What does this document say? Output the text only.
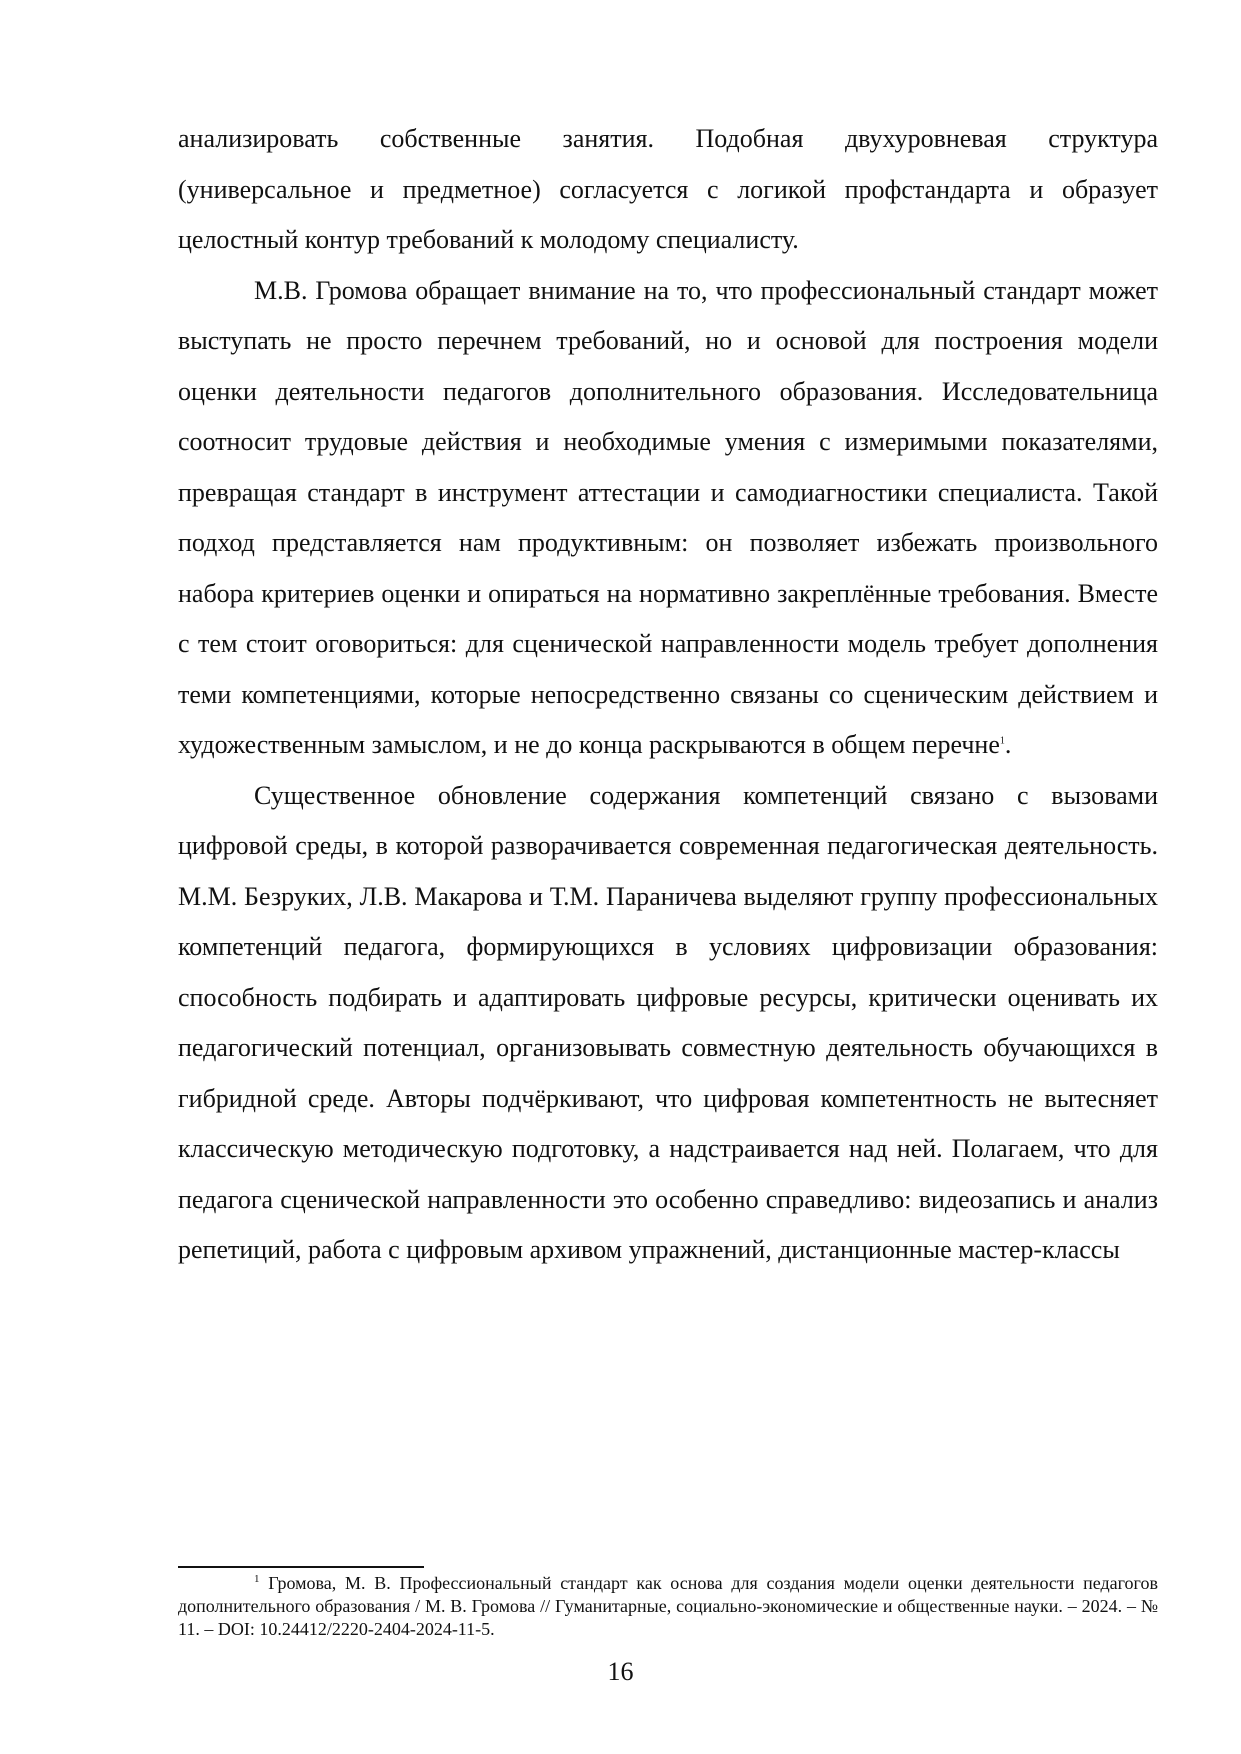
анализировать собственные занятия. Подобная двухуровневая структура (универсальное и предметное) согласуется с логикой профстандарта и образует целостный контур требований к молодому специалисту.

М.В. Громова обращает внимание на то, что профессиональный стандарт может выступать не просто перечнем требований, но и основой для построения модели оценки деятельности педагогов дополнительного образования. Исследовательница соотносит трудовые действия и необходимые умения с измеримыми показателями, превращая стандарт в инструмент аттестации и самодиагностики специалиста. Такой подход представляется нам продуктивным: он позволяет избежать произвольного набора критериев оценки и опираться на нормативно закреплённые требования. Вместе с тем стоит оговориться: для сценической направленности модель требует дополнения теми компетенциями, которые непосредственно связаны со сценическим действием и художественным замыслом, и не до конца раскрываются в общем перечне$^1$.

Существенное обновление содержания компетенций связано с вызовами цифровой среды, в которой разворачивается современная педагогическая деятельность. М.М. Безруких, Л.В. Макарова и Т.М. Параничева выделяют группу профессиональных компетенций педагога, формирующихся в условиях цифровизации образования: способность подбирать и адаптировать цифровые ресурсы, критически оценивать их педагогический потенциал, организовывать совместную деятельность обучающихся в гибридной среде. Авторы подчёркивают, что цифровая компетентность не вытесняет классическую методическую подготовку, а надстраивается над ней. Полагаем, что для педагога сценической направленности это особенно справедливо: видеозапись и анализ репетиций, работа с цифровым архивом упражнений, дистанционные мастер-классы

$^1$ Громова, М. В. Профессиональный стандарт как основа для создания модели оценки деятельности педагогов дополнительного образования / М. В. Громова // Гуманитарные, социально-экономические и общественные науки. – 2024. – № 11. – DOI: 10.24412/2220-2404-2024-11-5.

16
